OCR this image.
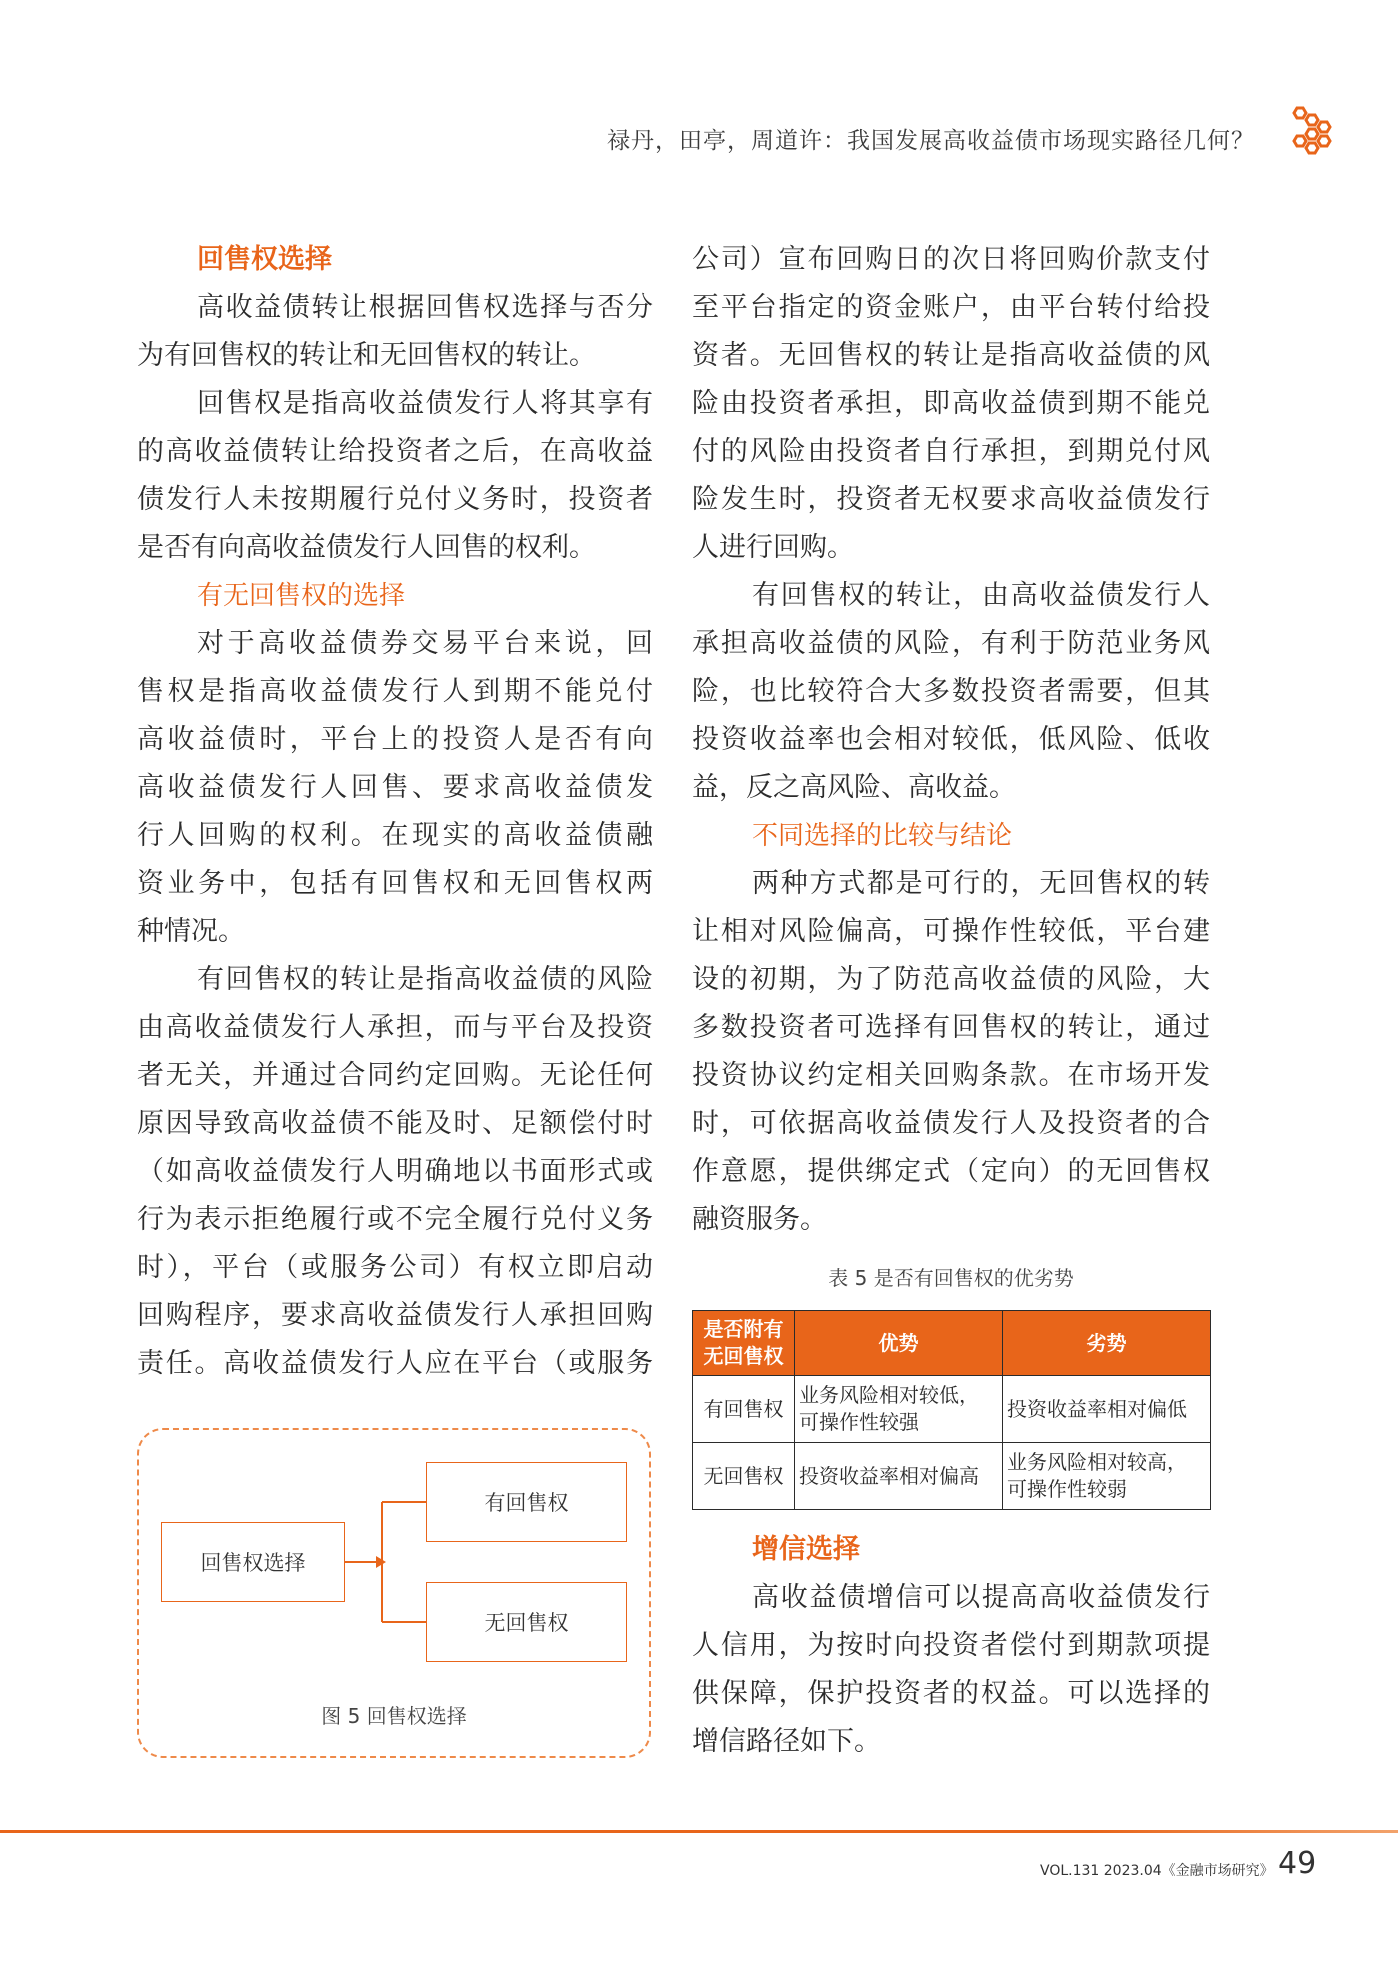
禄丹，田亭，周道许：我国发展高收益债市场现实路径几何？
回售权选择
高收益债转让根据回售权选择与否分
为有回售权的转让和无回售权的转让。
回售权是指高收益债发行人将其享有
的高收益债转让给投资者之后，在高收益
债发行人未按期履行兑付义务时，投资者
是否有向高收益债发行人回售的权利。
有无回售权的选择
对于高收益债券交易平台来说，回
售权是指高收益债发行人到期不能兑付
高收益债时，平台上的投资人是否有向
高收益债发行人回售、要求高收益债发
行人回购的权利。在现实的高收益债融
资业务中，包括有回售权和无回售权两
种情况。
有回售权的转让是指高收益债的风险
由高收益债发行人承担，而与平台及投资
者无关，并通过合同约定回购。无论任何
原因导致高收益债不能及时、足额偿付时
（如高收益债发行人明确地以书面形式或
行为表示拒绝履行或不完全履行兑付义务
时），平台（或服务公司）有权立即启动
回购程序，要求高收益债发行人承担回购
责任。高收益债发行人应在平台（或服务
回售权选择
有回售权
无回售权
图 5 回售权选择
公司）宣布回购日的次日将回购价款支付
至平台指定的资金账户，由平台转付给投
资者。无回售权的转让是指高收益债的风
险由投资者承担，即高收益债到期不能兑
付的风险由投资者自行承担，到期兑付风
险发生时，投资者无权要求高收益债发行
人进行回购。
有回售权的转让，由高收益债发行人
承担高收益债的风险，有利于防范业务风
险，也比较符合大多数投资者需要，但其
投资收益率也会相对较低，低风险、低收
益，反之高风险、高收益。
不同选择的比较与结论
两种方式都是可行的，无回售权的转
让相对风险偏高，可操作性较低，平台建
设的初期，为了防范高收益债的风险，大
多数投资者可选择有回售权的转让，通过
投资协议约定相关回购条款。在市场开发
时，可依据高收益债发行人及投资者的合
作意愿，提供绑定式（定向）的无回售权
融资服务。
表 5 是否有回售权的优劣势
是否附有无回售权	优势	劣势
有回售权	业务风险相对较低，可操作性较强	投资收益率相对偏低
无回售权	投资收益率相对偏高	业务风险相对较高，可操作性较弱
增信选择
高收益债增信可以提高高收益债发行
人信用，为按时向投资者偿付到期款项提
供保障，保护投资者的权益。可以选择的
增信路径如下。
VOL.131 2023.04《金融市场研究》 49
